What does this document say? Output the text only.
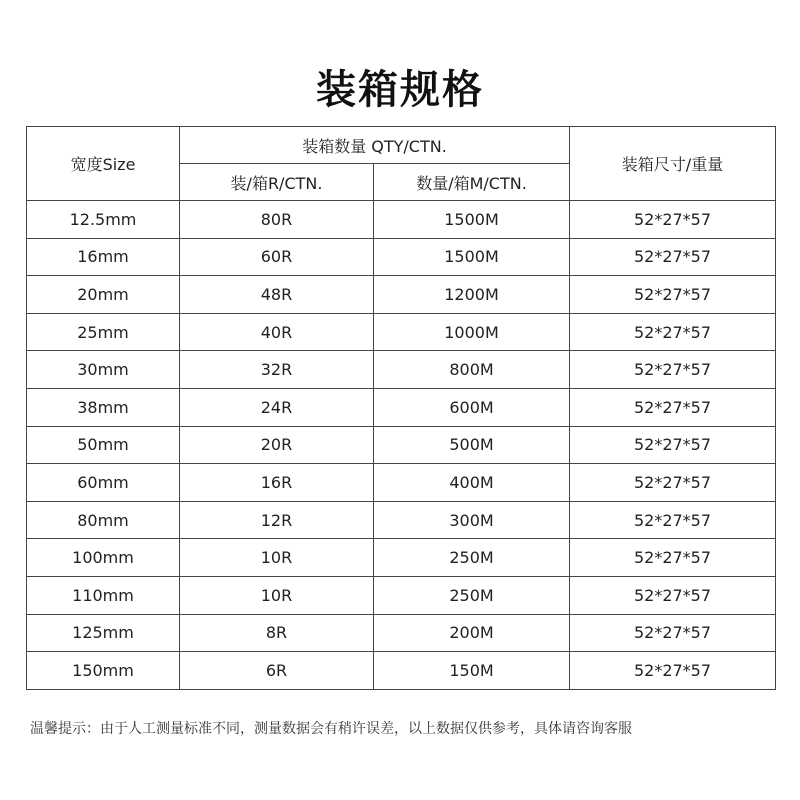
装箱规格
宽度Size	装箱数量 QTY/CTN.		装箱尺寸/重量
	装/箱R/CTN.	数量/箱M/CTN.	
12.5mm	80R	1500M	52*27*57
16mm	60R	1500M	52*27*57
20mm	48R	1200M	52*27*57
25mm	40R	1000M	52*27*57
30mm	32R	800M	52*27*57
38mm	24R	600M	52*27*57
50mm	20R	500M	52*27*57
60mm	16R	400M	52*27*57
80mm	12R	300M	52*27*57
100mm	10R	250M	52*27*57
110mm	10R	250M	52*27*57
125mm	8R	200M	52*27*57
150mm	6R	150M	52*27*57
温馨提示：由于人工测量标准不同，测量数据会有稍许误差，以上数据仅供参考，具体请咨询客服
